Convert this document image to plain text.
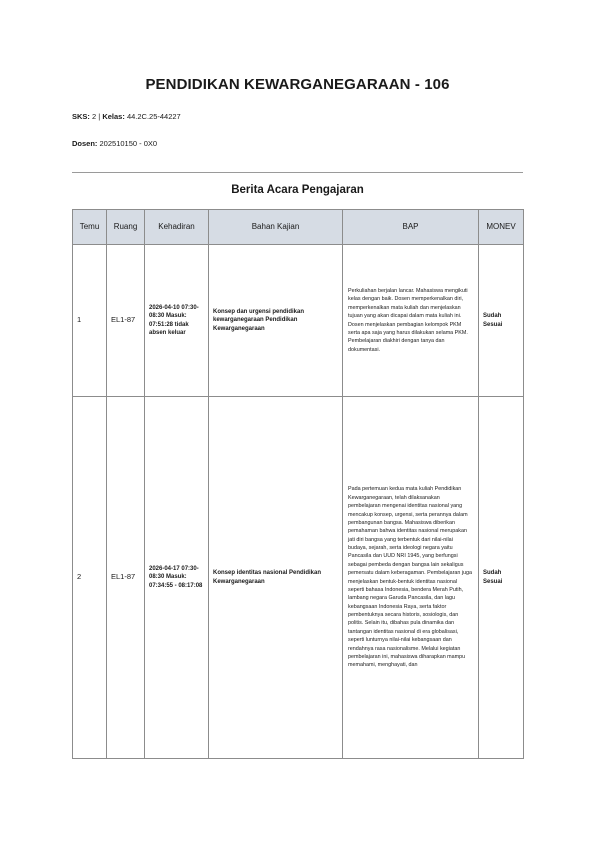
PENDIDIKAN KEWARGANEGARAAN - 106
SKS: 2 | Kelas: 44.2C.25-44227
Dosen: 202510150 - 0X0
Berita Acara Pengajaran
Temu	Ruang	Kehadiran	Bahan Kajian	BAP	MONEV
1	EL1-87	2026-04-10 07:30-08:30 Masuk: 07:51:28 tidak absen keluar	Konsep dan urgensi pendidikan kewarganegaraan Pendidikan Kewarganegaraan	Perkuliahan berjalan lancar. Mahasiswa mengikuti kelas dengan baik. Dosen memperkenalkan diri, memperkenalkan mata kuliah dan menjelaskan tujuan yang akan dicapai dalam mata kuliah ini. Dosen menjelaskan pembagian kelompok PKM serta apa saja yang harus dilakukan selama PKM. Pembelajaran diakhiri dengan tanya dan dokumentasi.	Sudah Sesuai
2	EL1-87	2026-04-17 07:30-08:30 Masuk: 07:34:55 - 08:17:08	Konsep identitas nasional Pendidikan Kewarganegaraan	Pada pertemuan kedua mata kuliah Pendidikan Kewarganegaraan, telah dilaksanakan pembelajaran mengenai identitas nasional yang mencakup konsep, urgensi, serta perannya dalam pembangunan bangsa. Mahasiswa diberikan pemahaman bahwa identitas nasional merupakan jati diri bangsa yang terbentuk dari nilai-nilai budaya, sejarah, serta ideologi negara yaitu Pancasila dan UUD NRI 1945, yang berfungsi sebagai pembeda dengan bangsa lain sekaligus pemersatu dalam keberagaman. Pembelajaran juga menjelaskan bentuk-bentuk identitas nasional seperti bahasa Indonesia, bendera Merah Putih, lambang negara Garuda Pancasila, dan lagu kebangsaan Indonesia Raya, serta faktor pembentuknya secara historis, sosiologis, dan politis. Selain itu, dibahas pula dinamika dan tantangan identitas nasional di era globalisasi, seperti lunturnya nilai-nilai kebangsaan dan rendahnya rasa nasionalisme. Melalui kegiatan pembelajaran ini, mahasiswa diharapkan mampu memahami, menghayati, dan	Sudah Sesuai
